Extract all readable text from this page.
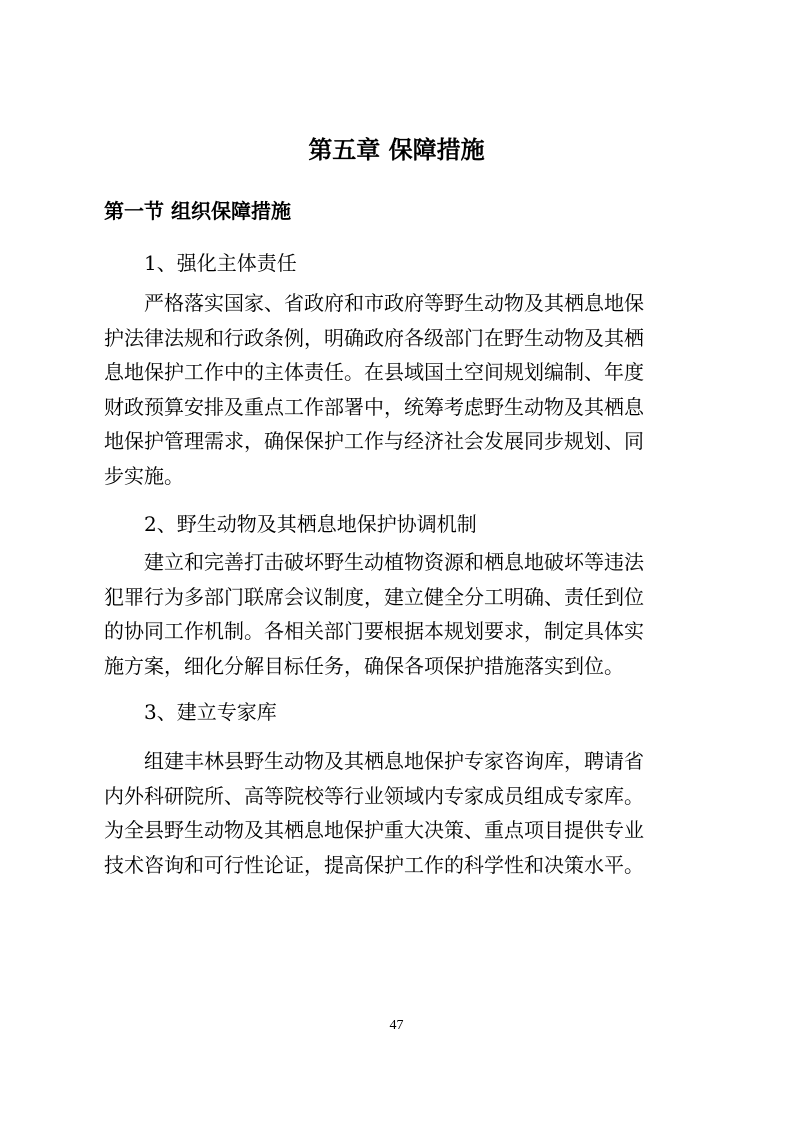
第五章 保障措施
第一节 组织保障措施

1、强化主体责任

严格落实国家、省政府和市政府等野生动物及其栖息地保
护法律法规和行政条例，明确政府各级部门在野生动物及其栖
息地保护工作中的主体责任。在县域国土空间规划编制、年度
财政预算安排及重点工作部署中，统筹考虑野生动物及其栖息
地保护管理需求，确保保护工作与经济社会发展同步规划、同
步实施。

2、野生动物及其栖息地保护协调机制

建立和完善打击破坏野生动植物资源和栖息地破坏等违法
犯罪行为多部门联席会议制度，建立健全分工明确、责任到位
的协同工作机制。各相关部门要根据本规划要求，制定具体实
施方案，细化分解目标任务，确保各项保护措施落实到位。

3、建立专家库

组建丰林县野生动物及其栖息地保护专家咨询库，聘请省
内外科研院所、高等院校等行业领域内专家成员组成专家库。
为全县野生动物及其栖息地保护重大决策、重点项目提供专业
技术咨询和可行性论证，提高保护工作的科学性和决策水平。

47
